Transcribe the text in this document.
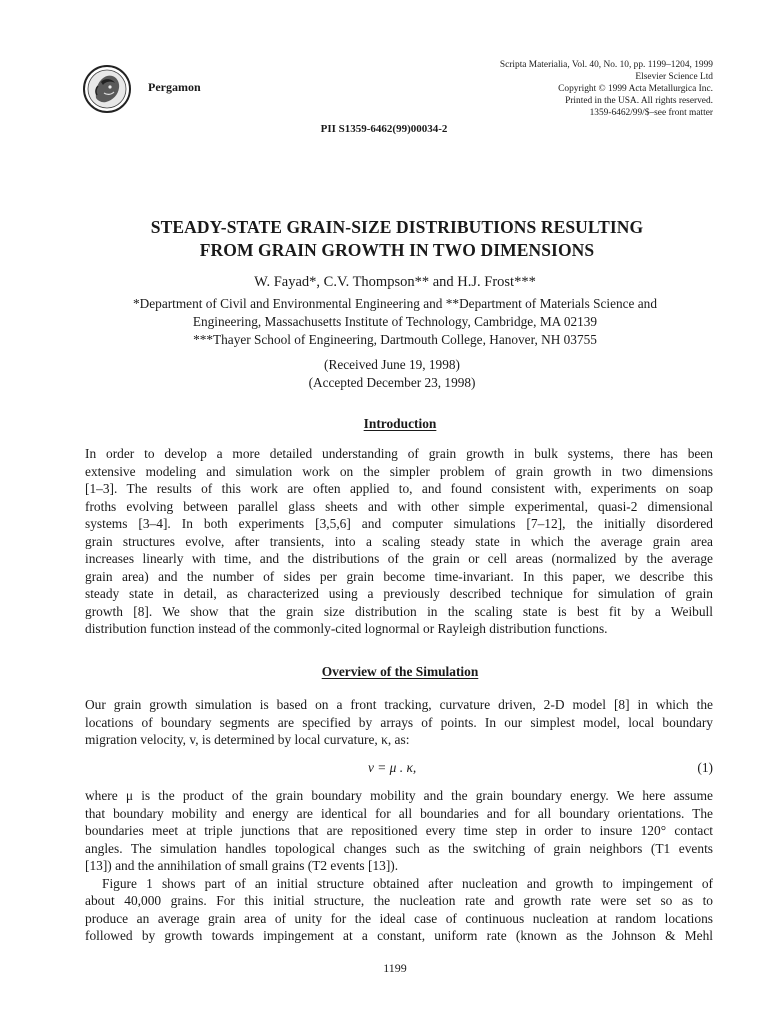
Pergamon
Scripta Materialia, Vol. 40, No. 10, pp. 1199–1204, 1999
Elsevier Science Ltd
Copyright © 1999 Acta Metallurgica Inc.
Printed in the USA. All rights reserved.
1359-6462/99/$–see front matter
PII S1359-6462(99)00034-2
STEADY-STATE GRAIN-SIZE DISTRIBUTIONS RESULTING
FROM GRAIN GROWTH IN TWO DIMENSIONS
W. Fayad*, C.V. Thompson** and H.J. Frost***
*Department of Civil and Environmental Engineering and **Department of Materials Science and
Engineering, Massachusetts Institute of Technology, Cambridge, MA 02139
***Thayer School of Engineering, Dartmouth College, Hanover, NH 03755
(Received June 19, 1998)
(Accepted December 23, 1998)
Introduction
In order to develop a more detailed understanding of grain growth in bulk systems, there has been
extensive modeling and simulation work on the simpler problem of grain growth in two dimensions
[1–3]. The results of this work are often applied to, and found consistent with, experiments on soap
froths evolving between parallel glass sheets and with other simple experimental, quasi-2 dimensional
systems [3–4]. In both experiments [3,5,6] and computer simulations [7–12], the initially disordered
grain structures evolve, after transients, into a scaling steady state in which the average grain area
increases linearly with time, and the distributions of the grain or cell areas (normalized by the average
grain area) and the number of sides per grain become time-invariant. In this paper, we describe this
steady state in detail, as characterized using a previously described technique for simulation of grain
growth [8]. We show that the grain size distribution in the scaling state is best fit by a Weibull
distribution function instead of the commonly-cited lognormal or Rayleigh distribution functions.
Overview of the Simulation
Our grain growth simulation is based on a front tracking, curvature driven, 2-D model [8] in which the
locations of boundary segments are specified by arrays of points. In our simplest model, local boundary
migration velocity, v, is determined by local curvature, κ, as:
v = μ . κ,	(1)
where μ is the product of the grain boundary mobility and the grain boundary energy. We here assume
that boundary mobility and energy are identical for all boundaries and for all boundary orientations. The
boundaries meet at triple junctions that are repositioned every time step in order to insure 120° contact
angles. The simulation handles topological changes such as the switching of grain neighbors (T1 events
[13]) and the annihilation of small grains (T2 events [13]).
Figure 1 shows part of an initial structure obtained after nucleation and growth to impingement of
about 40,000 grains. For this initial structure, the nucleation rate and growth rate were set so as to
produce an average grain area of unity for the ideal case of continuous nucleation at random locations
followed by growth towards impingement at a constant, uniform rate (known as the Johnson & Mehl
1199
